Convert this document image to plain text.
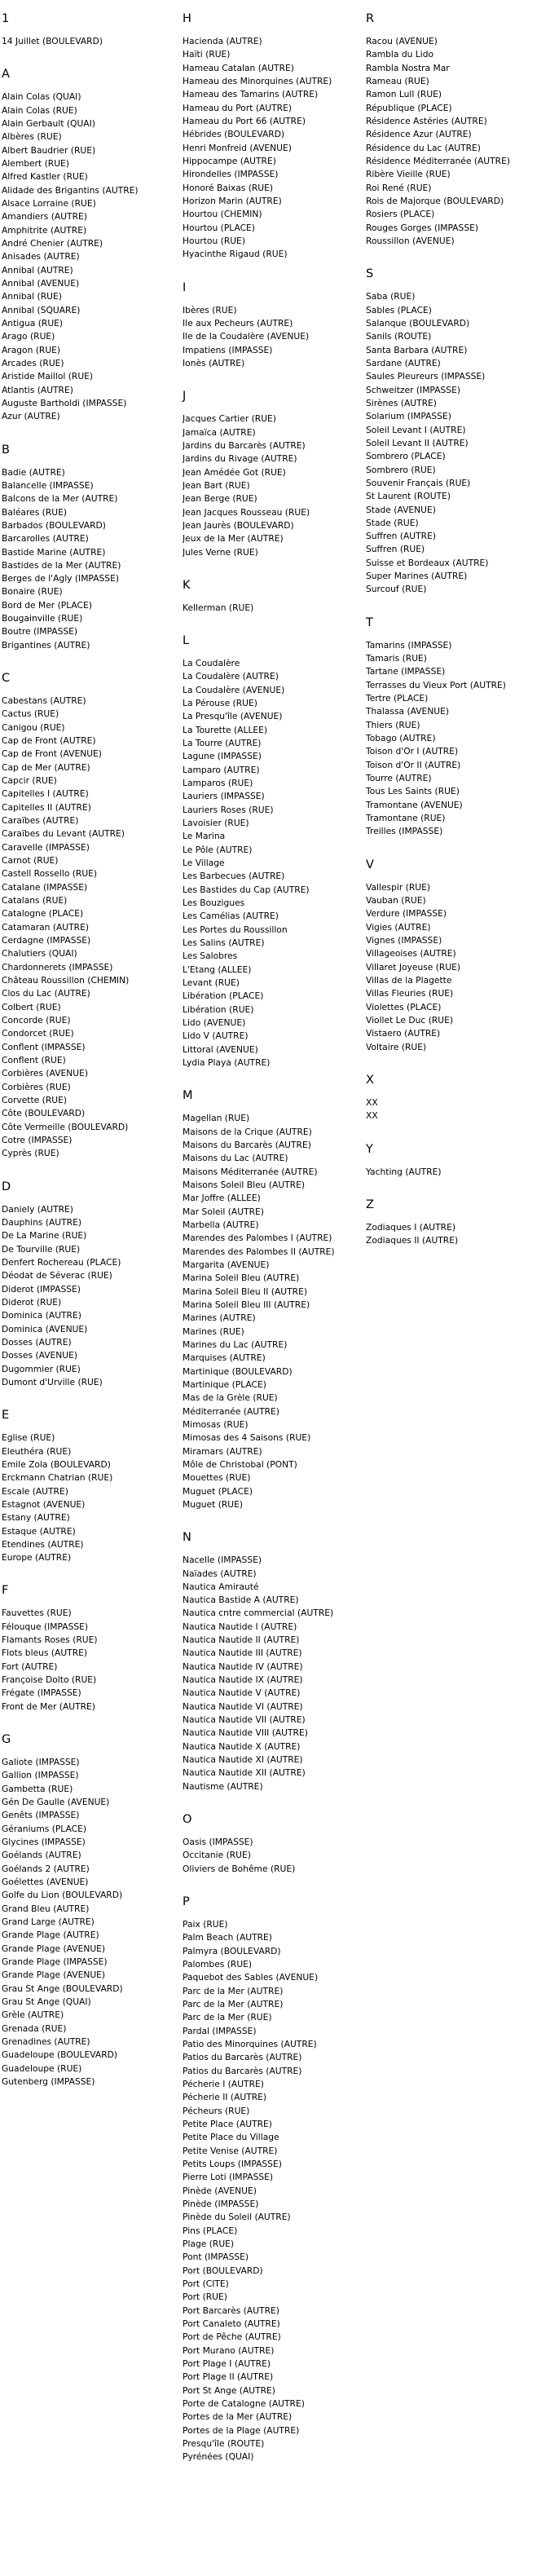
1
14 Juillet (BOULEVARD)
A
Alain Colas (QUAI)
Alain Colas (RUE)
Alain Gerbault (QUAI)
Albères (RUE)
Albert Baudrier (RUE)
Alembert (RUE)
Alfred Kastler (RUE)
Alidade des Brigantins (AUTRE)
Alsace Lorraine (RUE)
Amandiers (AUTRE)
Amphitrite (AUTRE)
André Chenier (AUTRE)
Anisades (AUTRE)
Annibal (AUTRE)
Annibal (AVENUE)
Annibal (RUE)
Annibal (SQUARE)
Antigua (RUE)
Arago (RUE)
Aragon (RUE)
Arcades (RUE)
Aristide Maillol (RUE)
Atlantis (AUTRE)
Auguste Bartholdi (IMPASSE)
Azur (AUTRE)
B
Badie (AUTRE)
Balancelle (IMPASSE)
Balcons de la Mer (AUTRE)
Baléares (RUE)
Barbados (BOULEVARD)
Barcarolles (AUTRE)
Bastide Marine (AUTRE)
Bastides de la Mer (AUTRE)
Berges de l'Agly (IMPASSE)
Bonaire (RUE)
Bord de Mer (PLACE)
Bougainville (RUE)
Boutre (IMPASSE)
Brigantines (AUTRE)
C
Cabestans (AUTRE)
Cactus (RUE)
Canigou (RUE)
Cap de Front (AUTRE)
Cap de Front (AVENUE)
Cap de Mer (AUTRE)
Capcir (RUE)
Capitelles I (AUTRE)
Capitelles II (AUTRE)
Caraïbes (AUTRE)
Caraïbes du Levant (AUTRE)
Caravelle (IMPASSE)
Carnot (RUE)
Castell Rossello (RUE)
Catalane (IMPASSE)
Catalans (RUE)
Catalogne (PLACE)
Catamaran (AUTRE)
Cerdagne (IMPASSE)
Chalutiers (QUAI)
Chardonnerets (IMPASSE)
Château Roussillon (CHEMIN)
Clos du Lac (AUTRE)
Colbert (RUE)
Concorde (RUE)
Condorcet (RUE)
Conflent (IMPASSE)
Conflent (RUE)
Corbières (AVENUE)
Corbières (RUE)
Corvette (RUE)
Côte (BOULEVARD)
Côte Vermeille (BOULEVARD)
Cotre (IMPASSE)
Cyprès (RUE)
D
Daniely (AUTRE)
Dauphins (AUTRE)
De La Marine (RUE)
De Tourville (RUE)
Denfert Rochereau (PLACE)
Déodat de Séverac (RUE)
Diderot (IMPASSE)
Diderot (RUE)
Dominica (AUTRE)
Dominica (AVENUE)
Dosses (AUTRE)
Dosses (AVENUE)
Dugommier (RUE)
Dumont d'Urville (RUE)
E
Eglise (RUE)
Eleuthéra (RUE)
Emile Zola (BOULEVARD)
Erckmann Chatrian (RUE)
Escale (AUTRE)
Estagnot (AVENUE)
Estany (AUTRE)
Estaque (AUTRE)
Etendines (AUTRE)
Europe (AUTRE)
F
Fauvettes (RUE)
Félouque (IMPASSE)
Flamants Roses (RUE)
Flots bleus (AUTRE)
Fort (AUTRE)
Françoise Dolto (RUE)
Frégate (IMPASSE)
Front de Mer (AUTRE)
G
Galiote (IMPASSE)
Gallion (IMPASSE)
Gambetta (RUE)
Gén De Gaulle (AVENUE)
Genêts (IMPASSE)
Géraniums (PLACE)
Glycines (IMPASSE)
Goélands (AUTRE)
Goélands 2 (AUTRE)
Goélettes (AVENUE)
Golfe du Lion (BOULEVARD)
Grand Bleu (AUTRE)
Grand Large (AUTRE)
Grande Plage (AUTRE)
Grande Plage (AVENUE)
Grande Plage (IMPASSE)
Grande Plage (AVENUE)
Grau St Ange (BOULEVARD)
Grau St Ange (QUAI)
Grèle (AUTRE)
Grenada (RUE)
Grenadines (AUTRE)
Guadeloupe (BOULEVARD)
Guadeloupe (RUE)
Gutenberg (IMPASSE)
H
Hacienda (AUTRE)
Haïti (RUE)
Hameau Catalan (AUTRE)
Hameau des Minorquines (AUTRE)
Hameau des Tamarins (AUTRE)
Hameau du Port (AUTRE)
Hameau du Port 66 (AUTRE)
Hébrides (BOULEVARD)
Henri Monfreid (AVENUE)
Hippocampe (AUTRE)
Hirondelles (IMPASSE)
Honoré Baixas (RUE)
Horizon Marin (AUTRE)
Hourtou (CHEMIN)
Hourtou (PLACE)
Hourtou (RUE)
Hyacinthe Rigaud (RUE)
I
Ibères (RUE)
Ile aux Pecheurs (AUTRE)
Ile de la Coudalère (AVENUE)
Impatiens (IMPASSE)
Ionès (AUTRE)
J
Jacques Cartier (RUE)
Jamaïca (AUTRE)
Jardins du Barcarès (AUTRE)
Jardins du Rivage (AUTRE)
Jean Amédée Got (RUE)
Jean Bart (RUE)
Jean Berge (RUE)
Jean Jacques Rousseau (RUE)
Jean Jaurès (BOULEVARD)
Jeux de la Mer (AUTRE)
Jules Verne (RUE)
K
Kellerman (RUE)
L
La Coudalère
La Coudalère (AUTRE)
La Coudalère (AVENUE)
La Pérouse (RUE)
La Presqu'île (AVENUE)
La Tourette (ALLEE)
La Tourre (AUTRE)
Lagune (IMPASSE)
Lamparo (AUTRE)
Lamparos (RUE)
Lauriers (IMPASSE)
Lauriers Roses (RUE)
Lavoisier (RUE)
Le Marina
Le Pôle (AUTRE)
Le Village
Les Barbecues (AUTRE)
Les Bastides du Cap (AUTRE)
Les Bouzigues
Les Camélias (AUTRE)
Les Portes du Roussillon
Les Salins (AUTRE)
Les Salobres
L'Etang (ALLEE)
Levant (RUE)
Libération (PLACE)
Libération (RUE)
Lido (AVENUE)
Lido V (AUTRE)
Littoral (AVENUE)
Lydia Playa (AUTRE)
M
Magellan (RUE)
Maisons de la Crique (AUTRE)
Maisons du Barcarès (AUTRE)
Maisons du Lac (AUTRE)
Maisons Méditerranée (AUTRE)
Maisons Soleil Bleu (AUTRE)
Mar Joffre (ALLEE)
Mar Soleil (AUTRE)
Marbella (AUTRE)
Marendes des Palombes I (AUTRE)
Marendes des Palombes II (AUTRE)
Margarita (AVENUE)
Marina Soleil Bleu (AUTRE)
Marina Soleil Bleu II (AUTRE)
Marina Soleil Bleu III (AUTRE)
Marines (AUTRE)
Marines (RUE)
Marines du Lac (AUTRE)
Marquises (AUTRE)
Martinique (BOULEVARD)
Martinique (PLACE)
Mas de la Grèle (RUE)
Méditerranée (AUTRE)
Mimosas (RUE)
Mimosas des 4 Saisons (RUE)
Miramars (AUTRE)
Môle de Christobal (PONT)
Mouettes (RUE)
Muguet (PLACE)
Muguet (RUE)
N
Nacelle (IMPASSE)
Naïades (AUTRE)
Nautica Amirauté
Nautica Bastide A (AUTRE)
Nautica cntre commercial (AUTRE)
Nautica Nautide I (AUTRE)
Nautica Nautide II (AUTRE)
Nautica Nautide III (AUTRE)
Nautica Nautide IV (AUTRE)
Nautica Nautide IX (AUTRE)
Nautica Nautide V (AUTRE)
Nautica Nautide VI (AUTRE)
Nautica Nautide VII (AUTRE)
Nautica Nautide VIII (AUTRE)
Nautica Nautide X (AUTRE)
Nautica Nautide XI (AUTRE)
Nautica Nautide XII (AUTRE)
Nautisme (AUTRE)
O
Oasis (IMPASSE)
Occitanie (RUE)
Oliviers de Bohême (RUE)
P
Paix (RUE)
Palm Beach (AUTRE)
Palmyra (BOULEVARD)
Palombes (RUE)
Paquebot des Sables (AVENUE)
Parc de la Mer (AUTRE)
Parc de la Mer (AUTRE)
Parc de la Mer (RUE)
Pardal (IMPASSE)
Patio des Minorquines (AUTRE)
Patios du Barcarès (AUTRE)
Patios du Barcarès (AUTRE)
Pécherie I (AUTRE)
Pécherie II (AUTRE)
Pécheurs (RUE)
Petite Place (AUTRE)
Petite Place du Village
Petite Venise (AUTRE)
Petits Loups (IMPASSE)
Pierre Loti (IMPASSE)
Pinède (AVENUE)
Pinède (IMPASSE)
Pinède du Soleil (AUTRE)
Pins (PLACE)
Plage (RUE)
Pont (IMPASSE)
Port (BOULEVARD)
Port (CITE)
Port (RUE)
Port Barcarès (AUTRE)
Port Canaleto (AUTRE)
Port de Pêche (AUTRE)
Port Murano (AUTRE)
Port Plage I (AUTRE)
Port Plage II (AUTRE)
Port St Ange (AUTRE)
Porte de Catalogne (AUTRE)
Portes de la Mer (AUTRE)
Portes de la Plage (AUTRE)
Presqu'île (ROUTE)
Pyrénées (QUAI)
R
Racou (AVENUE)
Rambla du Lido
Rambla Nostra Mar
Rameau (RUE)
Ramon Lull (RUE)
République (PLACE)
Résidence Astéries (AUTRE)
Résidence Azur (AUTRE)
Résidence du Lac (AUTRE)
Résidence Méditerranée (AUTRE)
Ribère Vieille (RUE)
Roi René (RUE)
Rois de Majorque (BOULEVARD)
Rosiers (PLACE)
Rouges Gorges (IMPASSE)
Roussillon (AVENUE)
S
Saba (RUE)
Sables (PLACE)
Salanque (BOULEVARD)
Sanils (ROUTE)
Santa Barbara (AUTRE)
Sardane (AUTRE)
Saules Pleureurs (IMPASSE)
Schweitzer (IMPASSE)
Sirènes (AUTRE)
Solarium (IMPASSE)
Soleil Levant I (AUTRE)
Soleil Levant II (AUTRE)
Sombrero (PLACE)
Sombrero (RUE)
Souvenir Français (RUE)
St Laurent (ROUTE)
Stade (AVENUE)
Stade (RUE)
Suffren (AUTRE)
Suffren (RUE)
Suisse et Bordeaux (AUTRE)
Super Marines (AUTRE)
Surcouf (RUE)
T
Tamarins (IMPASSE)
Tamaris (RUE)
Tartane (IMPASSE)
Terrasses du Vieux Port (AUTRE)
Tertre (PLACE)
Thalassa (AVENUE)
Thiers (RUE)
Tobago (AUTRE)
Toison d'Or I (AUTRE)
Toison d'Or II (AUTRE)
Tourre (AUTRE)
Tous Les Saints (RUE)
Tramontane (AVENUE)
Tramontane (RUE)
Treilles (IMPASSE)
V
Vallespir (RUE)
Vauban (RUE)
Verdure (IMPASSE)
Vigies (AUTRE)
Vignes (IMPASSE)
Villageoises (AUTRE)
Villaret Joyeuse (RUE)
Villas de la Plagette
Villas Fleuries (RUE)
Violettes (PLACE)
Viollet Le Duc (RUE)
Vistaero (AUTRE)
Voltaire (RUE)
X
XX
XX
Y
Yachting (AUTRE)
Z
Zodiaques I (AUTRE)
Zodiaques II (AUTRE)
